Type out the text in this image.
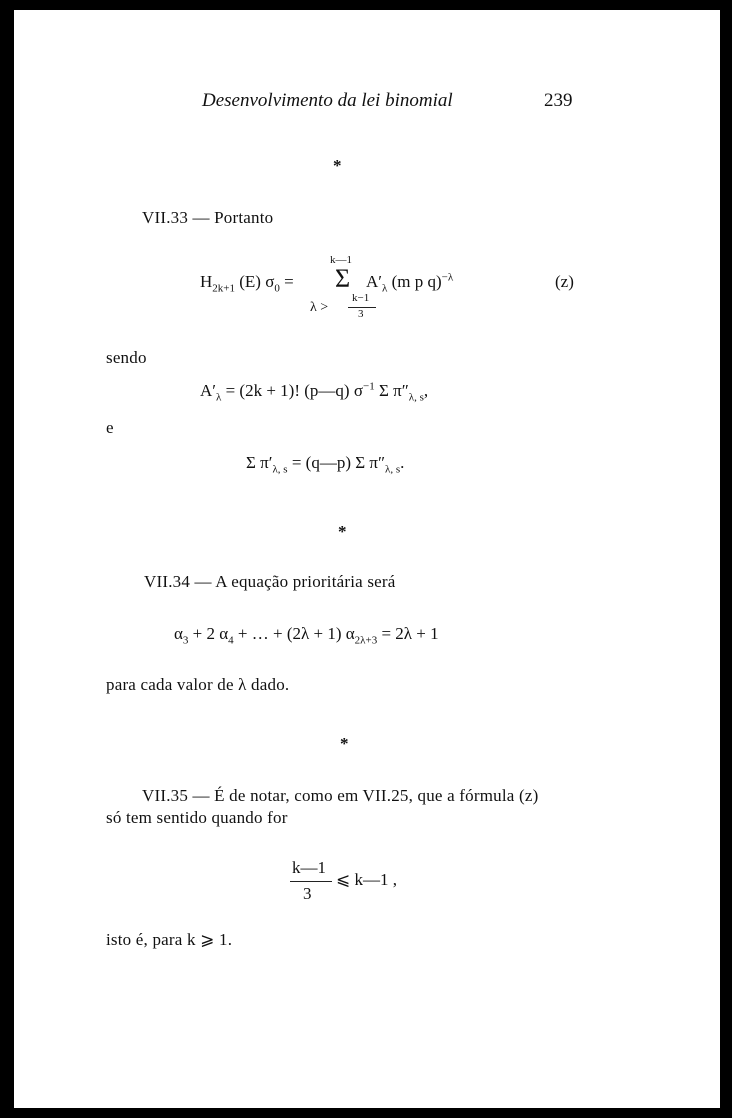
Desenvolvimento da lei binomial	239
*
VII.33 — Portanto
k—1
$H_{2k+1}$ (E) $\sigma_0 = \Sigma$ $A'_\lambda$ (m p q)$^{-\lambda}$
λ >
k−1
3
(z)
sendo
$A'_\lambda = (2k + 1)$! (p—q) $\sigma^{-1}$ Σ $\pi''_{\lambda, s}$,
e
Σ $\pi'_{\lambda, s}$ = (q—p) Σ $\pi''_{\lambda, s}$.
*
VII.34 — A equação prioritária será
$\alpha_3 + 2$ $\alpha_4$ + … + (2λ + 1) $\alpha_{2\lambda+3} = 2\lambda + 1$
para cada valor de λ dado.
*
VII.35 — É de notar, como em VII.25, que a fórmula (z)
só tem sentido quando for
k—1
3
⩽ k—1 ,
isto é, para k ⩾ 1.
